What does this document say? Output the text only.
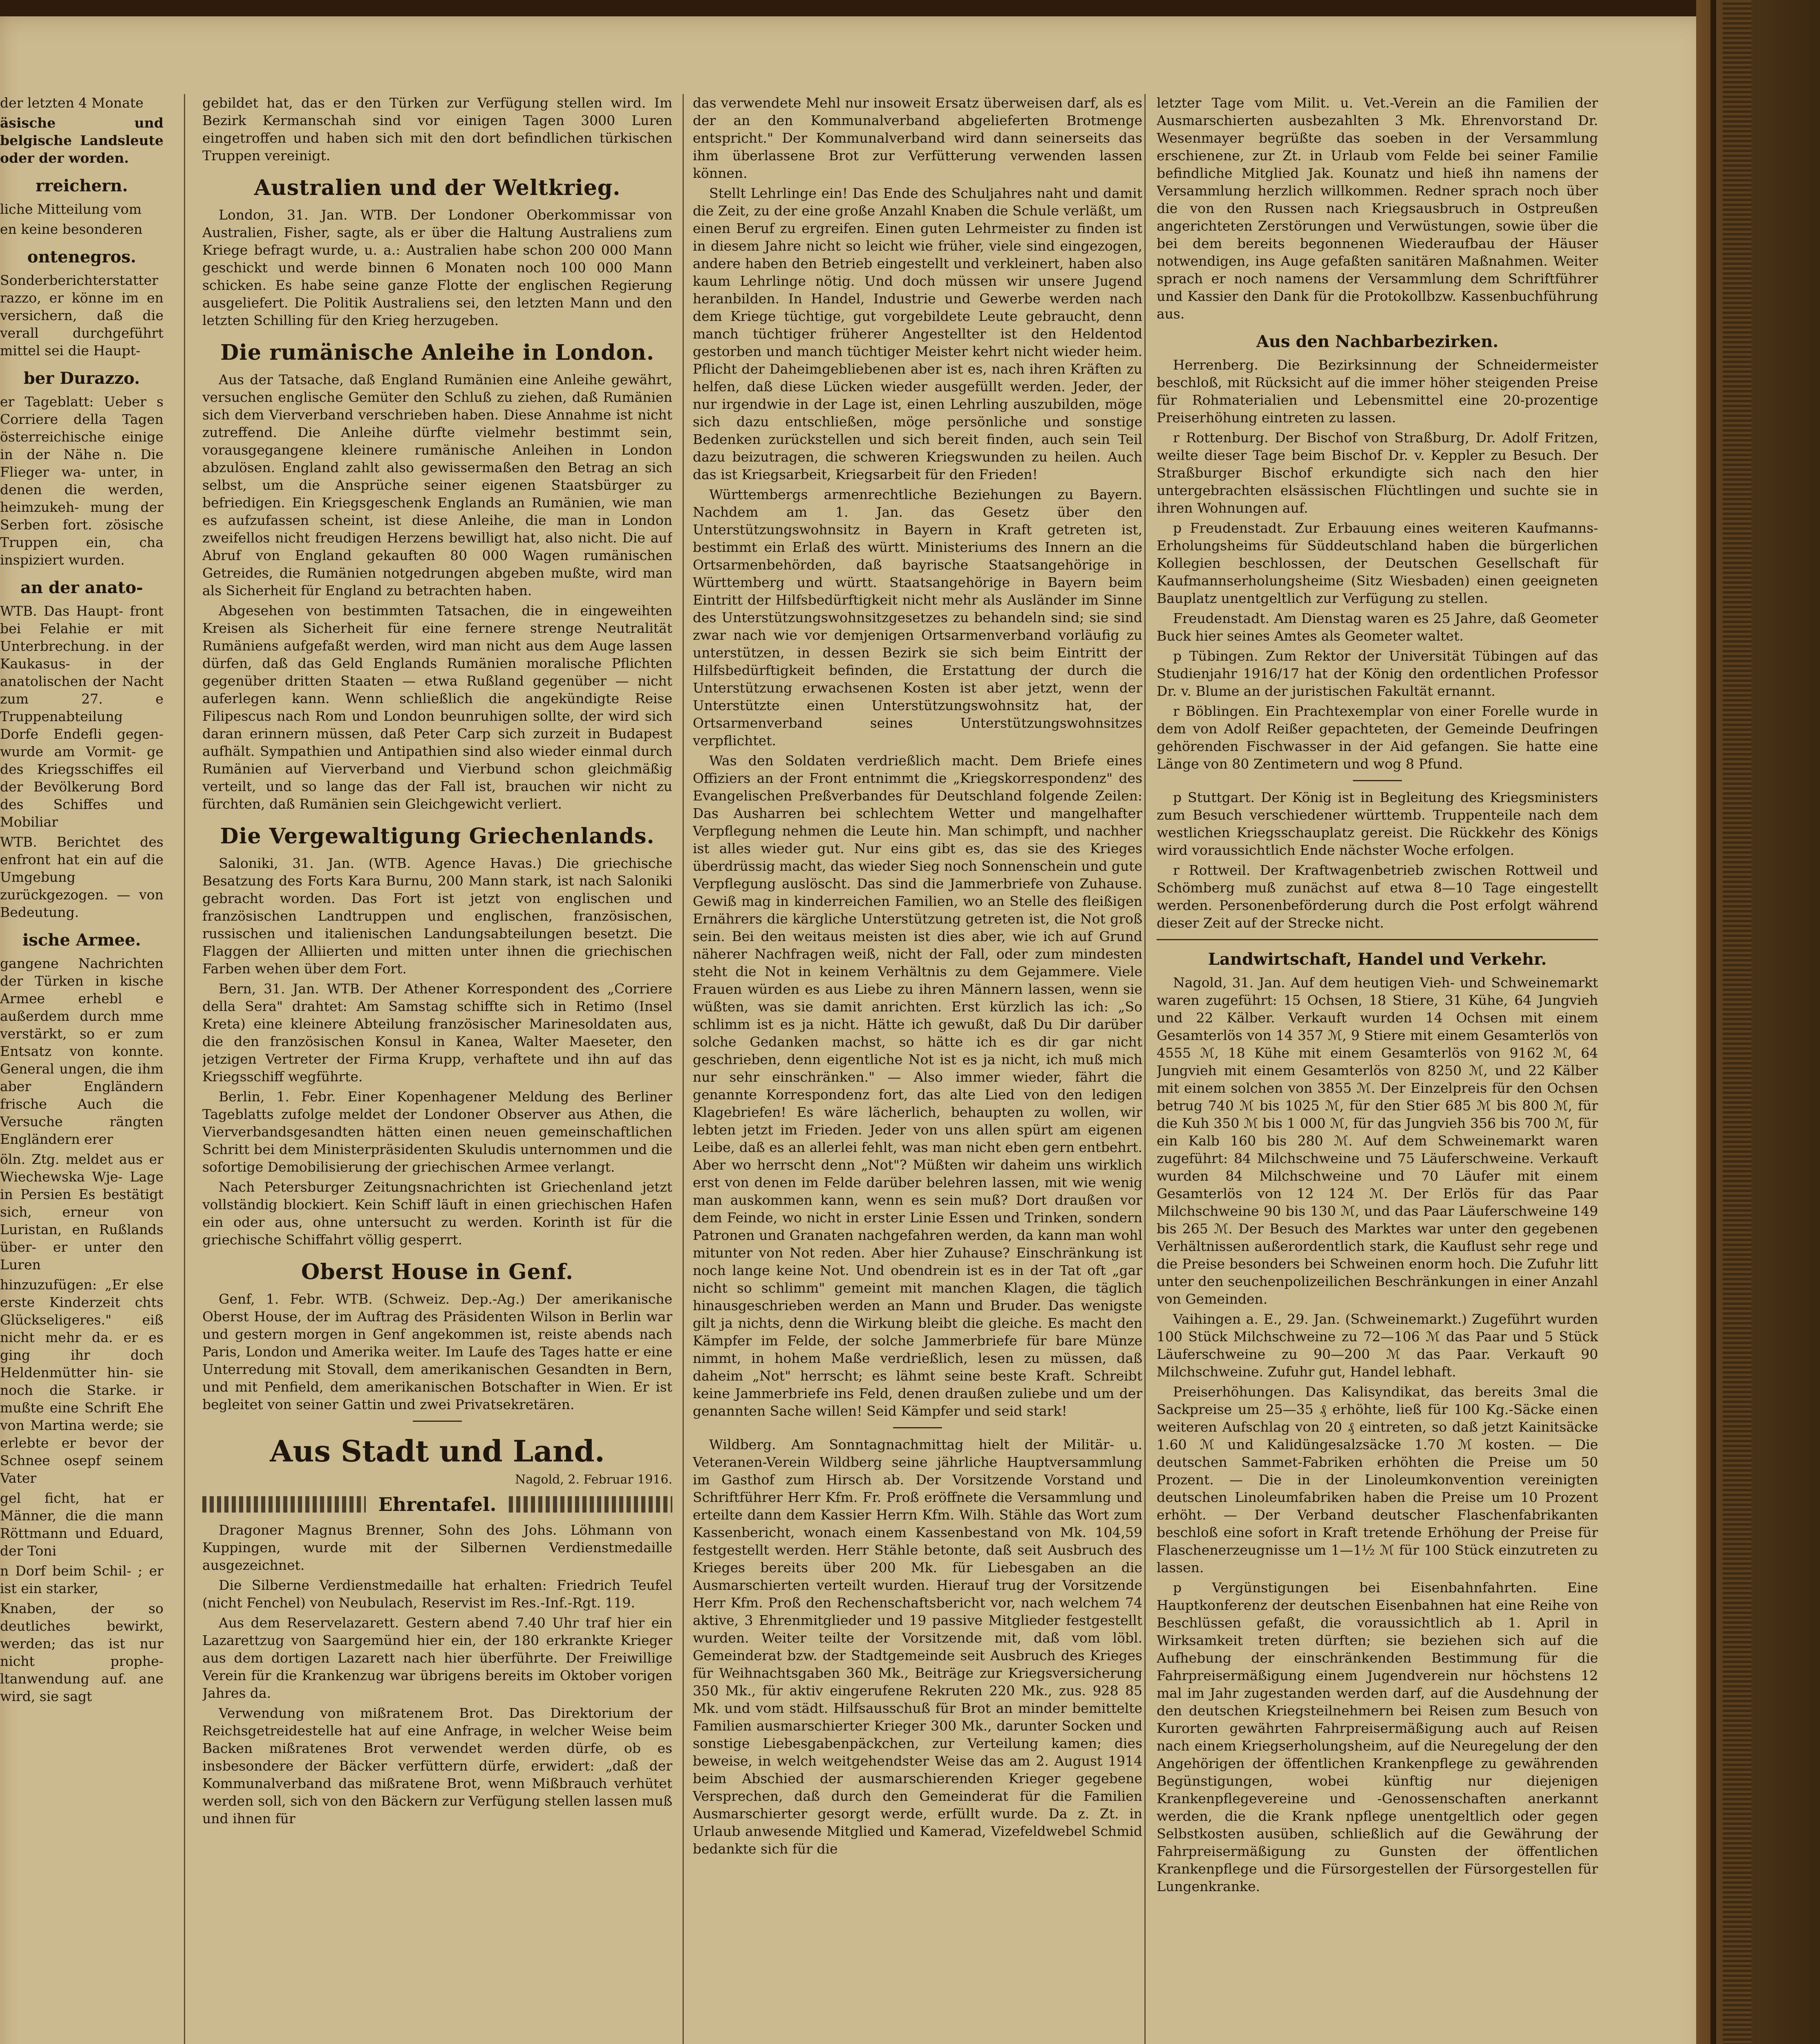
der letzten 4 Monate

äsische und belgische Landsleute oder der worden.

rreichern.

liche Mitteilung vom

en keine besonderen

ontenegros.

Sonderberichterstatter razzo, er könne im en versichern, daß die verall durchgeführt mittel sei die Haupt-

ber Durazzo.

er Tageblatt: Ueber s Corriere della Tagen österreichische einige in der Nähe n. Die Flieger wa- unter, in denen die werden, heimzukeh- mung der Serben fort. zösische Truppen ein, cha inspiziert wurden.

an der anato-

WTB. Das Haupt- front bei Felahie er mit Unterbrechung. in der Kaukasus- in der anatolischen der Nacht zum 27. e Truppenabteilung Dorfe Endefli gegen- wurde am Vormit- ge des Kriegsschiffes eil der Bevölkerung Bord des Schiffes und Mobiliar

WTB. Berichtet des enfront hat ein auf die Umgebung zurückgezogen. — von Bedeutung.

ische Armee.

gangene Nachrichten der Türken in kische Armee erhebl e außerdem durch mme verstärkt, so er zum Entsatz von konnte. General ungen, die ihm aber Engländern frische Auch die Versuche rängten Engländern erer

öln. Ztg. meldet aus er Wiechewska Wje- Lage in Persien Es bestätigt sich, erneur von Luristan, en Rußlands über- er unter den Luren

hinzuzufügen: „Er else erste Kinderzeit chts Glückseligeres." eiß nicht mehr da. er es ging ihr doch Heldenmütter hin- sie noch die Starke. ir mußte eine Schrift Ehe von Martina werde; sie erlebte er bevor der Schnee osepf seinem Vater

gel ficht, hat er Männer, die die mann Röttmann und Eduard, der Toni

n Dorf beim Schil- ; er ist ein starker,

Knaben, der so deutliches bewirkt, werden; das ist nur nicht prophe- ltanwendung auf. ane wird, sie sagt

gebildet hat, das er den Türken zur Verfügung stellen wird. Im Bezirk Kermanschah sind vor einigen Tagen 3000 Luren eingetroffen und haben sich mit den dort befindlichen türkischen Truppen vereinigt.

Australien und der Weltkrieg.

London, 31. Jan. WTB. Der Londoner Oberkommissar von Australien, Fisher, sagte, als er über die Haltung Australiens zum Kriege befragt wurde, u. a.: Australien habe schon 200 000 Mann geschickt und werde binnen 6 Monaten noch 100 000 Mann schicken. Es habe seine ganze Flotte der englischen Regierung ausgeliefert. Die Politik Australiens sei, den letzten Mann und den letzten Schilling für den Krieg herzugeben.

Die rumänische Anleihe in London.

Aus der Tatsache, daß England Rumänien eine Anleihe gewährt, versuchen englische Gemüter den Schluß zu ziehen, daß Rumänien sich dem Vierverband verschrieben haben. Diese Annahme ist nicht zutreffend. Die Anleihe dürfte vielmehr bestimmt sein, vorausgegangene kleinere rumänische Anleihen in London abzulösen. England zahlt also gewissermaßen den Betrag an sich selbst, um die Ansprüche seiner eigenen Staatsbürger zu befriedigen. Ein Kriegsgeschenk Englands an Rumänien, wie man es aufzufassen scheint, ist diese Anleihe, die man in London zweifellos nicht freudigen Herzens bewilligt hat, also nicht. Die auf Abruf von England gekauften 80 000 Wagen rumänischen Getreides, die Rumänien notgedrungen abgeben mußte, wird man als Sicherheit für England zu betrachten haben.

Abgesehen von bestimmten Tatsachen, die in eingeweihten Kreisen als Sicherheit für eine fernere strenge Neutralität Rumäniens aufgefaßt werden, wird man nicht aus dem Auge lassen dürfen, daß das Geld Englands Rumänien moralische Pflichten gegenüber dritten Staaten — etwa Rußland gegenüber — nicht auferlegen kann. Wenn schließlich die angekündigte Reise Filipescus nach Rom und London beunruhigen sollte, der wird sich daran erinnern müssen, daß Peter Carp sich zurzeit in Budapest aufhält. Sympathien und Antipathien sind also wieder einmal durch Rumänien auf Vierverband und Vierbund schon gleichmäßig verteilt, und so lange das der Fall ist, brauchen wir nicht zu fürchten, daß Rumänien sein Gleichgewicht verliert.

Die Vergewaltigung Griechenlands.

Saloniki, 31. Jan. (WTB. Agence Havas.) Die griechische Besatzung des Forts Kara Burnu, 200 Mann stark, ist nach Saloniki gebracht worden. Das Fort ist jetzt von englischen und französischen Landtruppen und englischen, französischen, russischen und italienischen Landungsabteilungen besetzt. Die Flaggen der Alliierten und mitten unter ihnen die griechischen Farben wehen über dem Fort.

Bern, 31. Jan. WTB. Der Athener Korrespondent des „Corriere della Sera" drahtet: Am Samstag schiffte sich in Retimo (Insel Kreta) eine kleinere Abteilung französischer Marinesoldaten aus, die den französischen Konsul in Kanea, Walter Maeseter, den jetzigen Vertreter der Firma Krupp, verhaftete und ihn auf das Kriegsschiff wegführte.

Berlin, 1. Febr. Einer Kopenhagener Meldung des Berliner Tageblatts zufolge meldet der Londoner Observer aus Athen, die Vierverbandsgesandten hätten einen neuen gemeinschaftlichen Schritt bei dem Ministerpräsidenten Skuludis unternommen und die sofortige Demobilisierung der griechischen Armee verlangt.

Nach Petersburger Zeitungsnachrichten ist Griechenland jetzt vollständig blockiert. Kein Schiff läuft in einen griechischen Hafen ein oder aus, ohne untersucht zu werden. Korinth ist für die griechische Schiffahrt völlig gesperrt.

Oberst House in Genf.

Genf, 1. Febr. WTB. (Schweiz. Dep.-Ag.) Der amerikanische Oberst House, der im Auftrag des Präsidenten Wilson in Berlin war und gestern morgen in Genf angekommen ist, reiste abends nach Paris, London und Amerika weiter. Im Laufe des Tages hatte er eine Unterredung mit Stovall, dem amerikanischen Gesandten in Bern, und mit Penfield, dem amerikanischen Botschafter in Wien. Er ist begleitet von seiner Gattin und zwei Privatsekretären.

Aus Stadt und Land.
Nagold, 2. Februar 1916.
Ehrentafel.

Dragoner Magnus Brenner, Sohn des Johs. Löhmann von Kuppingen, wurde mit der Silbernen Verdienstmedaille ausgezeichnet.

Die Silberne Verdienstmedaille hat erhalten: Friedrich Teufel (nicht Fenchel) von Neubulach, Reservist im Res.-Inf.-Rgt. 119.

Aus dem Reservelazarett. Gestern abend 7.40 Uhr traf hier ein Lazarettzug von Saargemünd hier ein, der 180 erkrankte Krieger aus dem dortigen Lazarett nach hier überführte. Der Freiwillige Verein für die Krankenzug war übrigens bereits im Oktober vorigen Jahres da.

Verwendung von mißratenem Brot. Das Direktorium der Reichsgetreidestelle hat auf eine Anfrage, in welcher Weise beim Backen mißratenes Brot verwendet werden dürfe, ob es insbesondere der Bäcker verfüttern dürfe, erwidert: „daß der Kommunalverband das mißratene Brot, wenn Mißbrauch verhütet werden soll, sich von den Bäckern zur Verfügung stellen lassen muß und ihnen für

das verwendete Mehl nur insoweit Ersatz überweisen darf, als es der an den Kommunalverband abgelieferten Brotmenge entspricht." Der Kommunalverband wird dann seinerseits das ihm überlassene Brot zur Verfütterung verwenden lassen können.

Stellt Lehrlinge ein! Das Ende des Schuljahres naht und damit die Zeit, zu der eine große Anzahl Knaben die Schule verläßt, um einen Beruf zu ergreifen. Einen guten Lehrmeister zu finden ist in diesem Jahre nicht so leicht wie früher, viele sind eingezogen, andere haben den Betrieb eingestellt und verkleinert, haben also kaum Lehrlinge nötig. Und doch müssen wir unsere Jugend heranbilden. In Handel, Industrie und Gewerbe werden nach dem Kriege tüchtige, gut vorgebildete Leute gebraucht, denn manch tüchtiger früherer Angestellter ist den Heldentod gestorben und manch tüchtiger Meister kehrt nicht wieder heim. Pflicht der Daheimgebliebenen aber ist es, nach ihren Kräften zu helfen, daß diese Lücken wieder ausgefüllt werden. Jeder, der nur irgendwie in der Lage ist, einen Lehrling auszubilden, möge sich dazu entschließen, möge persönliche und sonstige Bedenken zurückstellen und sich bereit finden, auch sein Teil dazu beizutragen, die schweren Kriegswunden zu heilen. Auch das ist Kriegsarbeit, Kriegsarbeit für den Frieden!

Württembergs armenrechtliche Beziehungen zu Bayern. Nachdem am 1. Jan. das Gesetz über den Unterstützungswohnsitz in Bayern in Kraft getreten ist, bestimmt ein Erlaß des württ. Ministeriums des Innern an die Ortsarmenbehörden, daß bayrische Staatsangehörige in Württemberg und württ. Staatsangehörige in Bayern beim Eintritt der Hilfsbedürftigkeit nicht mehr als Ausländer im Sinne des Unterstützungswohnsitzgesetzes zu behandeln sind; sie sind zwar nach wie vor demjenigen Ortsarmenverband vorläufig zu unterstützen, in dessen Bezirk sie sich beim Eintritt der Hilfsbedürftigkeit befinden, die Erstattung der durch die Unterstützung erwachsenen Kosten ist aber jetzt, wenn der Unterstützte einen Unterstützungswohnsitz hat, der Ortsarmenverband seines Unterstützungswohnsitzes verpflichtet.

Was den Soldaten verdrießlich macht. Dem Briefe eines Offiziers an der Front entnimmt die „Kriegskorrespondenz" des Evangelischen Preßverbandes für Deutschland folgende Zeilen: Das Ausharren bei schlechtem Wetter und mangelhafter Verpflegung nehmen die Leute hin. Man schimpft, und nachher ist alles wieder gut. Nur eins gibt es, das sie des Krieges überdrüssig macht, das wieder Sieg noch Sonnenschein und gute Verpflegung auslöscht. Das sind die Jammerbriefe von Zuhause. Gewiß mag in kinderreichen Familien, wo an Stelle des fleißigen Ernährers die kärgliche Unterstützung getreten ist, die Not groß sein. Bei den weitaus meisten ist dies aber, wie ich auf Grund näherer Nachfragen weiß, nicht der Fall, oder zum mindesten steht die Not in keinem Verhältnis zu dem Gejammere. Viele Frauen würden es aus Liebe zu ihren Männern lassen, wenn sie wüßten, was sie damit anrichten. Erst kürzlich las ich: „So schlimm ist es ja nicht. Hätte ich gewußt, daß Du Dir darüber solche Gedanken machst, so hätte ich es dir gar nicht geschrieben, denn eigentliche Not ist es ja nicht, ich muß mich nur sehr einschränken." — Also immer wieder, fährt die genannte Korrespondenz fort, das alte Lied von den ledigen Klagebriefen! Es wäre lächerlich, behaupten zu wollen, wir lebten jetzt im Frieden. Jeder von uns allen spürt am eigenen Leibe, daß es an allerlei fehlt, was man nicht eben gern entbehrt. Aber wo herrscht denn „Not"? Müßten wir daheim uns wirklich erst von denen im Felde darüber belehren lassen, mit wie wenig man auskommen kann, wenn es sein muß? Dort draußen vor dem Feinde, wo nicht in erster Linie Essen und Trinken, sondern Patronen und Granaten nachgefahren werden, da kann man wohl mitunter von Not reden. Aber hier Zuhause? Einschränkung ist noch lange keine Not. Und obendrein ist es in der Tat oft „gar nicht so schlimm" gemeint mit manchen Klagen, die täglich hinausgeschrieben werden an Mann und Bruder. Das wenigste gilt ja nichts, denn die Wirkung bleibt die gleiche. Es macht den Kämpfer im Felde, der solche Jammerbriefe für bare Münze nimmt, in hohem Maße verdrießlich, lesen zu müssen, daß daheim „Not" herrscht; es lähmt seine beste Kraft. Schreibt keine Jammerbriefe ins Feld, denen draußen zuliebe und um der genannten Sache willen! Seid Kämpfer und seid stark!

Wildberg. Am Sonntagnachmittag hielt der Militär- u. Veteranen-Verein Wildberg seine jährliche Hauptversammlung im Gasthof zum Hirsch ab. Der Vorsitzende Vorstand und Schriftführer Herr Kfm. Fr. Proß eröffnete die Versammlung und erteilte dann dem Kassier Herrn Kfm. Wilh. Stähle das Wort zum Kassenbericht, wonach einem Kassenbestand von Mk. 104,59 festgestellt werden. Herr Stähle betonte, daß seit Ausbruch des Krieges bereits über 200 Mk. für Liebesgaben an die Ausmarschierten verteilt wurden. Hierauf trug der Vorsitzende Herr Kfm. Proß den Rechenschaftsbericht vor, nach welchem 74 aktive, 3 Ehrenmitglieder und 19 passive Mitglieder festgestellt wurden. Weiter teilte der Vorsitzende mit, daß vom löbl. Gemeinderat bzw. der Stadtgemeinde seit Ausbruch des Krieges für Weihnachtsgaben 360 Mk., Beiträge zur Kriegsversicherung 350 Mk., für aktiv eingerufene Rekruten 220 Mk., zus. 928 85 Mk. und vom städt. Hilfsausschuß für Brot an minder bemittelte Familien ausmarschierter Krieger 300 Mk., darunter Socken und sonstige Liebesgabenpäckchen, zur Verteilung kamen; dies beweise, in welch weitgehendster Weise das am 2. August 1914 beim Abschied der ausmarschierenden Krieger gegebene Versprechen, daß durch den Gemeinderat für die Familien Ausmarschierter gesorgt werde, erfüllt wurde. Da z. Zt. in Urlaub anwesende Mitglied und Kamerad, Vizefeldwebel Schmid bedankte sich für die

letzter Tage vom Milit. u. Vet.-Verein an die Familien der Ausmarschierten ausbezahlten 3 Mk. Ehrenvorstand Dr. Wesenmayer begrüßte das soeben in der Versammlung erschienene, zur Zt. in Urlaub vom Felde bei seiner Familie befindliche Mitglied Jak. Kounatz und hieß ihn namens der Versammlung herzlich willkommen. Redner sprach noch über die von den Russen nach Kriegsausbruch in Ostpreußen angerichteten Zerstörungen und Verwüstungen, sowie über die bei dem bereits begonnenen Wiederaufbau der Häuser notwendigen, ins Auge gefaßten sanitären Maßnahmen. Weiter sprach er noch namens der Versammlung dem Schriftführer und Kassier den Dank für die Protokollbzw. Kassenbuchführung aus.

Aus den Nachbarbezirken.

Herrenberg. Die Bezirksinnung der Schneidermeister beschloß, mit Rücksicht auf die immer höher steigenden Preise für Rohmaterialien und Lebensmittel eine 20-prozentige Preiserhöhung eintreten zu lassen.

r Rottenburg. Der Bischof von Straßburg, Dr. Adolf Fritzen, weilte dieser Tage beim Bischof Dr. v. Keppler zu Besuch. Der Straßburger Bischof erkundigte sich nach den hier untergebrachten elsässischen Flüchtlingen und suchte sie in ihren Wohnungen auf.

p Freudenstadt. Zur Erbauung eines weiteren Kaufmanns-Erholungsheims für Süddeutschland haben die bürgerlichen Kollegien beschlossen, der Deutschen Gesellschaft für Kaufmannserholungsheime (Sitz Wiesbaden) einen geeigneten Bauplatz unentgeltlich zur Verfügung zu stellen.

Freudenstadt. Am Dienstag waren es 25 Jahre, daß Geometer Buck hier seines Amtes als Geometer waltet.

p Tübingen. Zum Rektor der Universität Tübingen auf das Studienjahr 1916/17 hat der König den ordentlichen Professor Dr. v. Blume an der juristischen Fakultät ernannt.

r Böblingen. Ein Prachtexemplar von einer Forelle wurde in dem von Adolf Reißer gepachteten, der Gemeinde Deufringen gehörenden Fischwasser in der Aid gefangen. Sie hatte eine Länge von 80 Zentimetern und wog 8 Pfund.

p Stuttgart. Der König ist in Begleitung des Kriegsministers zum Besuch verschiedener württemb. Truppenteile nach dem westlichen Kriegsschauplatz gereist. Die Rückkehr des Königs wird voraussichtlich Ende nächster Woche erfolgen.

r Rottweil. Der Kraftwagenbetrieb zwischen Rottweil und Schömberg muß zunächst auf etwa 8—10 Tage eingestellt werden. Personenbeförderung durch die Post erfolgt während dieser Zeit auf der Strecke nicht.

Landwirtschaft, Handel und Verkehr.

Nagold, 31. Jan. Auf dem heutigen Vieh- und Schweinemarkt waren zugeführt: 15 Ochsen, 18 Stiere, 31 Kühe, 64 Jungvieh und 22 Kälber. Verkauft wurden 14 Ochsen mit einem Gesamterlös von 14 357 ℳ, 9 Stiere mit einem Gesamterlös von 4555 ℳ, 18 Kühe mit einem Gesamterlös von 9162 ℳ, 64 Jungvieh mit einem Gesamterlös von 8250 ℳ, und 22 Kälber mit einem solchen von 3855 ℳ. Der Einzelpreis für den Ochsen betrug 740 ℳ bis 1025 ℳ, für den Stier 685 ℳ bis 800 ℳ, für die Kuh 350 ℳ bis 1 000 ℳ, für das Jungvieh 356 bis 700 ℳ, für ein Kalb 160 bis 280 ℳ. Auf dem Schweinemarkt waren zugeführt: 84 Milchschweine und 75 Läuferschweine. Verkauft wurden 84 Milchschweine und 70 Läufer mit einem Gesamterlös von 12 124 ℳ. Der Erlös für das Paar Milchschweine 90 bis 130 ℳ, und das Paar Läuferschweine 149 bis 265 ℳ. Der Besuch des Marktes war unter den gegebenen Verhältnissen außerordentlich stark, die Kauflust sehr rege und die Preise besonders bei Schweinen enorm hoch. Die Zufuhr litt unter den seuchenpolizeilichen Beschränkungen in einer Anzahl von Gemeinden.

Vaihingen a. E., 29. Jan. (Schweinemarkt.) Zugeführt wurden 100 Stück Milchschweine zu 72—106 ℳ das Paar und 5 Stück Läuferschweine zu 90—200 ℳ das Paar. Verkauft 90 Milchschweine. Zufuhr gut, Handel lebhaft.

Preiserhöhungen. Das Kalisyndikat, das bereits 3mal die Sackpreise um 25—35 ₰ erhöhte, ließ für 100 Kg.-Säcke einen weiteren Aufschlag von 20 ₰ eintreten, so daß jetzt Kainitsäcke 1.60 ℳ und Kalidüngesalzsäcke 1.70 ℳ kosten. — Die deutschen Sammet-Fabriken erhöhten die Preise um 50 Prozent. — Die in der Linoleumkonvention vereinigten deutschen Linoleumfabriken haben die Preise um 10 Prozent erhöht. — Der Verband deutscher Flaschenfabrikanten beschloß eine sofort in Kraft tretende Erhöhung der Preise für Flaschenerzeugnisse um 1—1½ ℳ für 100 Stück einzutreten zu lassen.

p Vergünstigungen bei Eisenbahnfahrten. Eine Hauptkonferenz der deutschen Eisenbahnen hat eine Reihe von Beschlüssen gefaßt, die voraussichtlich ab 1. April in Wirksamkeit treten dürften; sie beziehen sich auf die Aufhebung der einschränkenden Bestimmung für die Fahrpreisermäßigung einem Jugendverein nur höchstens 12 mal im Jahr zugestanden werden darf, auf die Ausdehnung der den deutschen Kriegsteilnehmern bei Reisen zum Besuch von Kurorten gewährten Fahrpreisermäßigung auch auf Reisen nach einem Kriegserholungsheim, auf die Neuregelung der den Angehörigen der öffentlichen Krankenpflege zu gewährenden Begünstigungen, wobei künftig nur diejenigen Krankenpflegevereine und -Genossenschaften anerkannt werden, die die Krank npflege unentgeltlich oder gegen Selbstkosten ausüben, schließlich auf die Gewährung der Fahrpreisermäßigung zu Gunsten der öffentlichen Krankenpflege und die Fürsorgestellen der Fürsorgestellen für Lungenkranke.
